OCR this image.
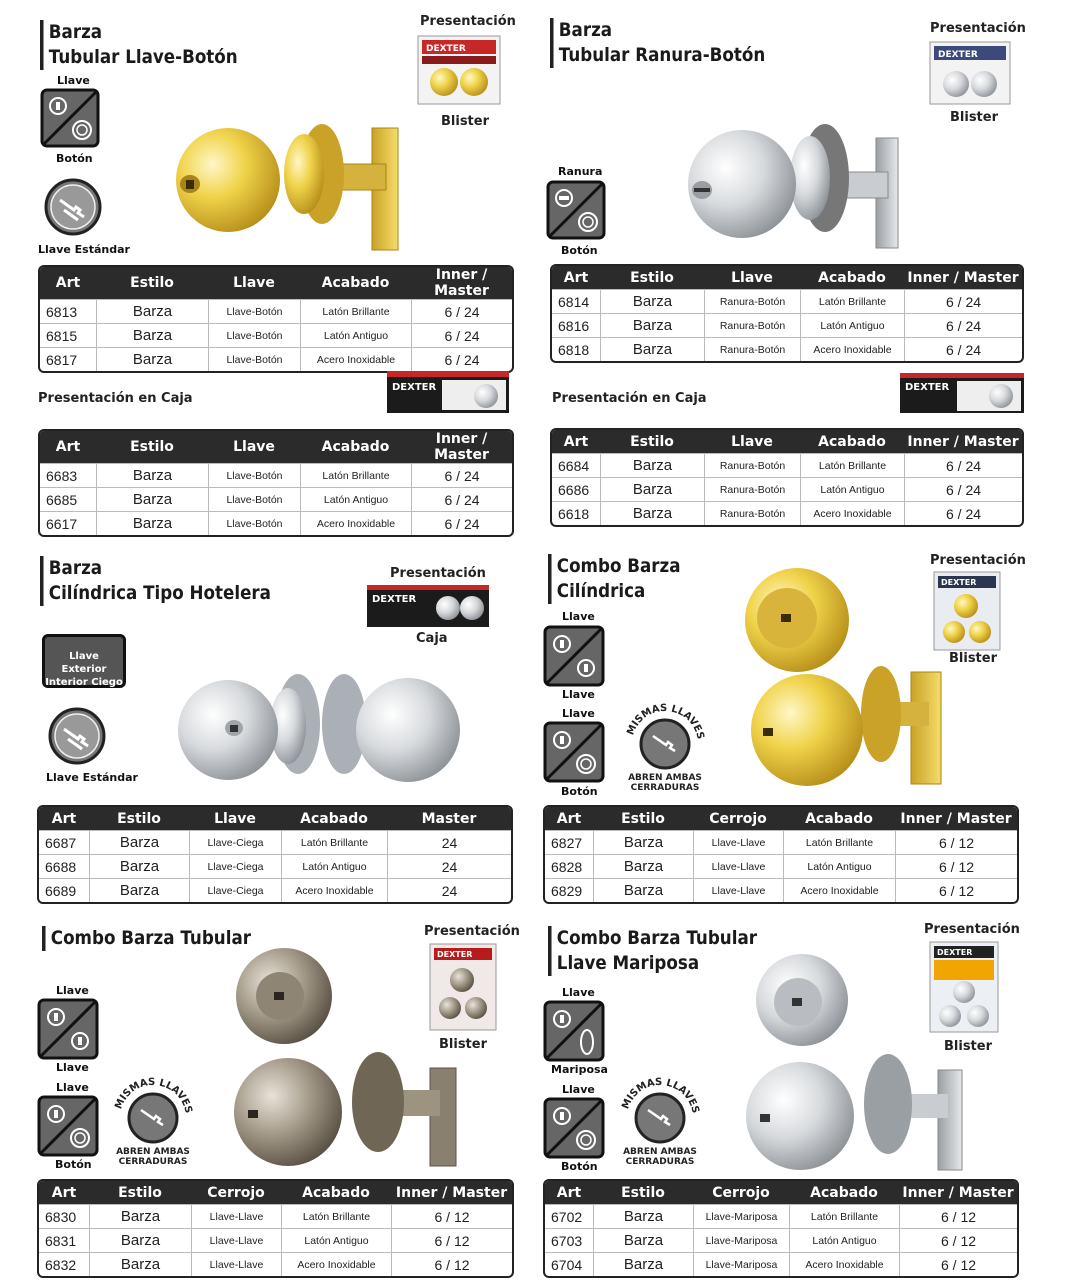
Barza
Tubular Llave-Botón
Presentación
DEXTER
Blister
Llave
Botón
Llave Estándar
Art	Estilo	Llave	Acabado	Inner / Master
6813	Barza	Llave-Botón	Latón Brillante	6 / 24
6815	Barza	Llave-Botón	Latón Antiguo	6 / 24
6817	Barza	Llave-Botón	Acero Inoxidable	6 / 24
Presentación en Caja
DEXTER
Art	Estilo	Llave	Acabado	Inner / Master
6683	Barza	Llave-Botón	Latón Brillante	6 / 24
6685	Barza	Llave-Botón	Latón Antiguo	6 / 24
6617	Barza	Llave-Botón	Acero Inoxidable	6 / 24
Barza
Tubular Ranura-Botón
Presentación
DEXTER
Blister
Ranura
Botón
Art	Estilo	Llave	Acabado	Inner / Master
6814	Barza	Ranura-Botón	Latón Brillante	6 / 24
6816	Barza	Ranura-Botón	Latón Antiguo	6 / 24
6818	Barza	Ranura-Botón	Acero Inoxidable	6 / 24
Presentación en Caja
DEXTER
Art	Estilo	Llave	Acabado	Inner / Master
6684	Barza	Ranura-Botón	Latón Brillante	6 / 24
6686	Barza	Ranura-Botón	Latón Antiguo	6 / 24
6618	Barza	Ranura-Botón	Acero Inoxidable	6 / 24
Barza
Cilíndrica Tipo Hotelera
Presentación
DEXTER
Caja
Llave Exterior
Interior Ciego
Llave Estándar
Art	Estilo	Llave	Acabado	Master
6687	Barza	Llave-Ciega	Latón Brillante	24
6688	Barza	Llave-Ciega	Latón Antiguo	24
6689	Barza	Llave-Ciega	Acero Inoxidable	24
Combo Barza
Cilíndrica
Presentación
DEXTER
Blister
Llave
Llave
Llave
Botón
MISMAS LLAVES
ABREN AMBAS
CERRADURAS
Art	Estilo	Cerrojo	Acabado	Inner / Master
6827	Barza	Llave-Llave	Latón Brillante	6 / 12
6828	Barza	Llave-Llave	Latón Antiguo	6 / 12
6829	Barza	Llave-Llave	Acero Inoxidable	6 / 12
Combo Barza Tubular	Presentación
DEXTER
Blister
Llave
Llave
Llave
Botón
MISMAS LLAVES
ABREN AMBAS
CERRADURAS
Art	Estilo	Cerrojo	Acabado	Inner / Master
6830	Barza	Llave-Llave	Latón Brillante	6 / 12
6831	Barza	Llave-Llave	Latón Antiguo	6 / 12
6832	Barza	Llave-Llave	Acero Inoxidable	6 / 12
Combo Barza Tubular
Llave Mariposa
Presentación
DEXTER
Blister
Llave
Mariposa
Llave
Botón
MISMAS LLAVES
ABREN AMBAS
CERRADURAS
Art	Estilo	Cerrojo	Acabado	Inner / Master
6702	Barza	Llave-Mariposa	Latón Brillante	6 / 12
6703	Barza	Llave-Mariposa	Latón Antiguo	6 / 12
6704	Barza	Llave-Mariposa	Acero Inoxidable	6 / 12
